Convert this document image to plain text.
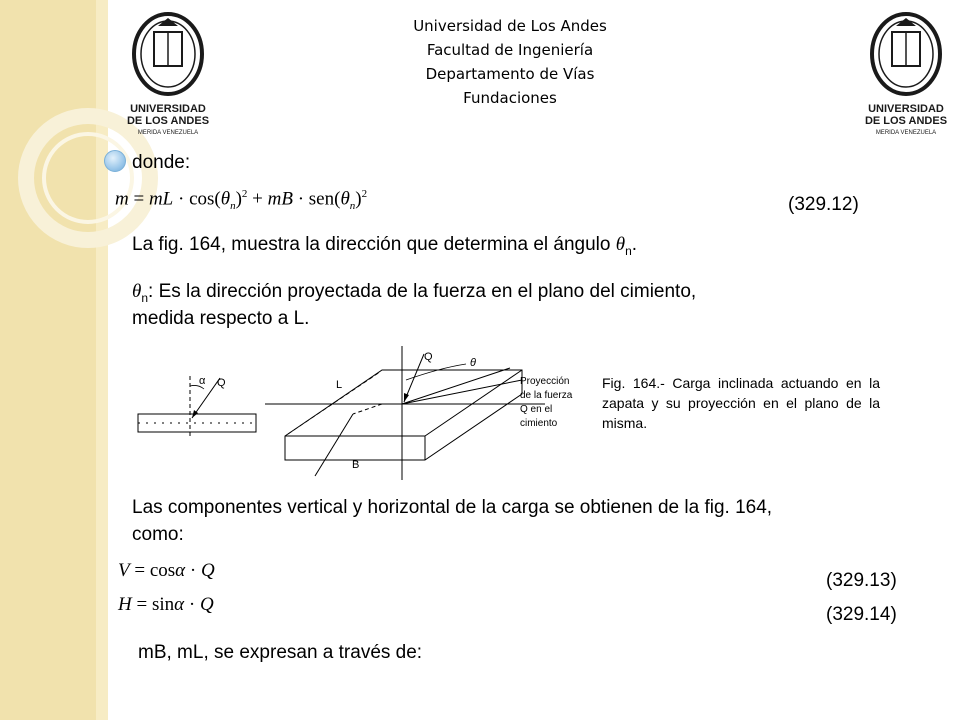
Universidad de Los Andes
Facultad de Ingeniería
Departamento de Vías
Fundaciones
UNIVERSIDAD
DE LOS ANDES
MERIDA VENEZUELA
UNIVERSIDAD
DE LOS ANDES
MERIDA VENEZUELA
donde:
m = mL · $\cos(\theta_n)^2$ + mB · $sen(\theta_n)^2$	(329.12)
La fig. 164, muestra la dirección que determina el ángulo $\theta_n$.
$\theta_n$: Es la dirección proyectada de la fuerza en el plano del cimiento,
medida respecto a L.
α Q
Q	θ
L
B
Proyección
de la fuerza
Q en el
cimiento
Fig. 164.- Carga inclinada actuando en la zapata y su proyección en el plano de la misma.
Las componentes vertical y horizontal de la carga se obtienen de la fig. 164,
como:
V = cosα · Q	(329.13)
H = sinα · Q	(329.14)
mB, mL, se expresan a través de:
